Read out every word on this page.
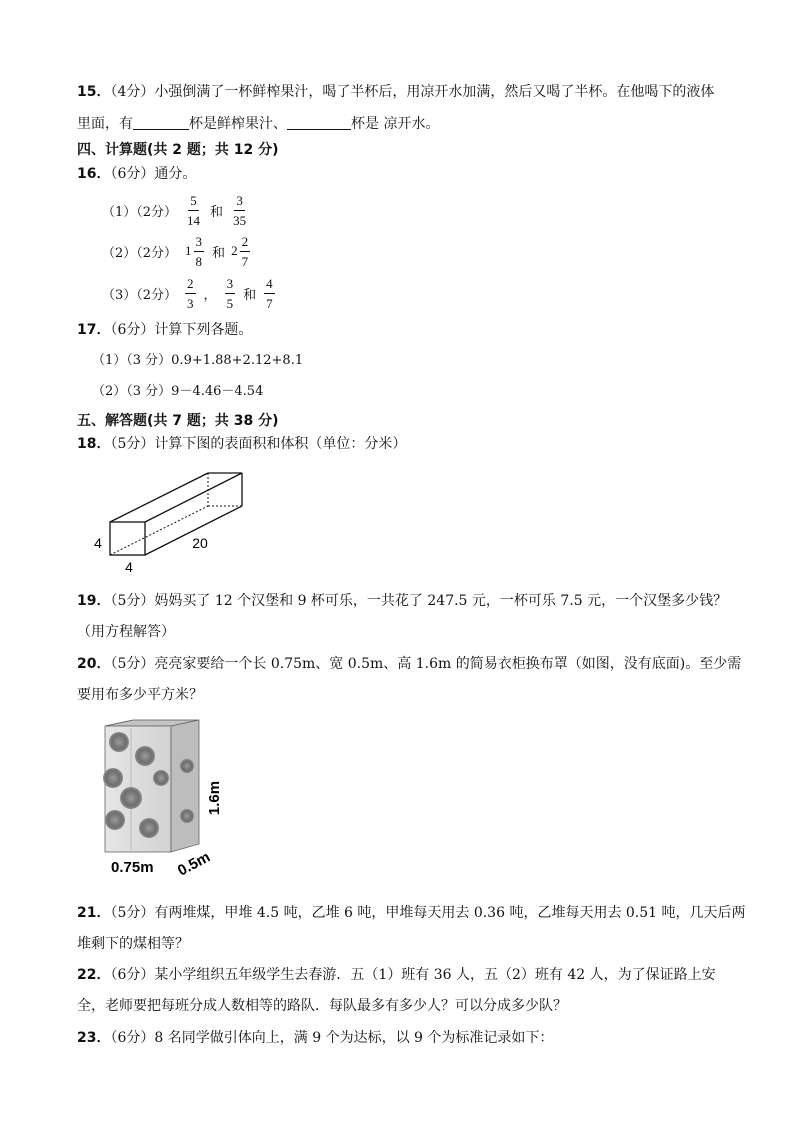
15．（4分）小强倒满了一杯鲜榨果汁，喝了半杯后，用凉开水加满，然后又喝了半杯。在他喝下的液体
里面，有	杯是鲜榨果汁、	杯是 凉开水。
四、计算题(共 2 题；共 12 分)
16．（6分）通分。
（1）（2分） $\frac{5}{14}$ 和 $\frac{3}{35}$
（2）（2分） $1 \frac{3}{8}$ 和 $2 \frac{2}{7}$
（3）（2分） $\frac{2}{3}$ ， $\frac{3}{5}$ 和 $\frac{4}{7}$
17．（6分）计算下列各题。
（1）（3 分）0.9+1.88+2.12+8.1
（2）（3 分）9－4.46－4.54
五、解答题(共 7 题；共 38 分)
18．（5分）计算下图的表面积和体积（单位：分米）
4	20
4
19．（5分）妈妈买了 12 个汉堡和 9 杯可乐，一共花了 247.5 元，一杯可乐 7.5 元，一个汉堡多少钱？
（用方程解答）
20．（5分）亮亮家要给一个长 0.75m、宽 0.5m、高 1.6m 的简易衣柜换布罩（如图，没有底面)。至少需
要用布多少平方米？
1.6m
0.75m 0.5m
21．（5分）有两堆煤，甲堆 4.5 吨，乙堆 6 吨，甲堆每天用去 0.36 吨，乙堆每天用去 0.51 吨，几天后两
堆剩下的煤相等？
22．（6分）某小学组织五年级学生去春游．五（1）班有 36 人，五（2）班有 42 人，为了保证路上安
全，老师要把每班分成人数相等的路队．每队最多有多少人？可以分成多少队？
23．（6分）8 名同学做引体向上，满 9 个为达标，以 9 个为标准记录如下：
